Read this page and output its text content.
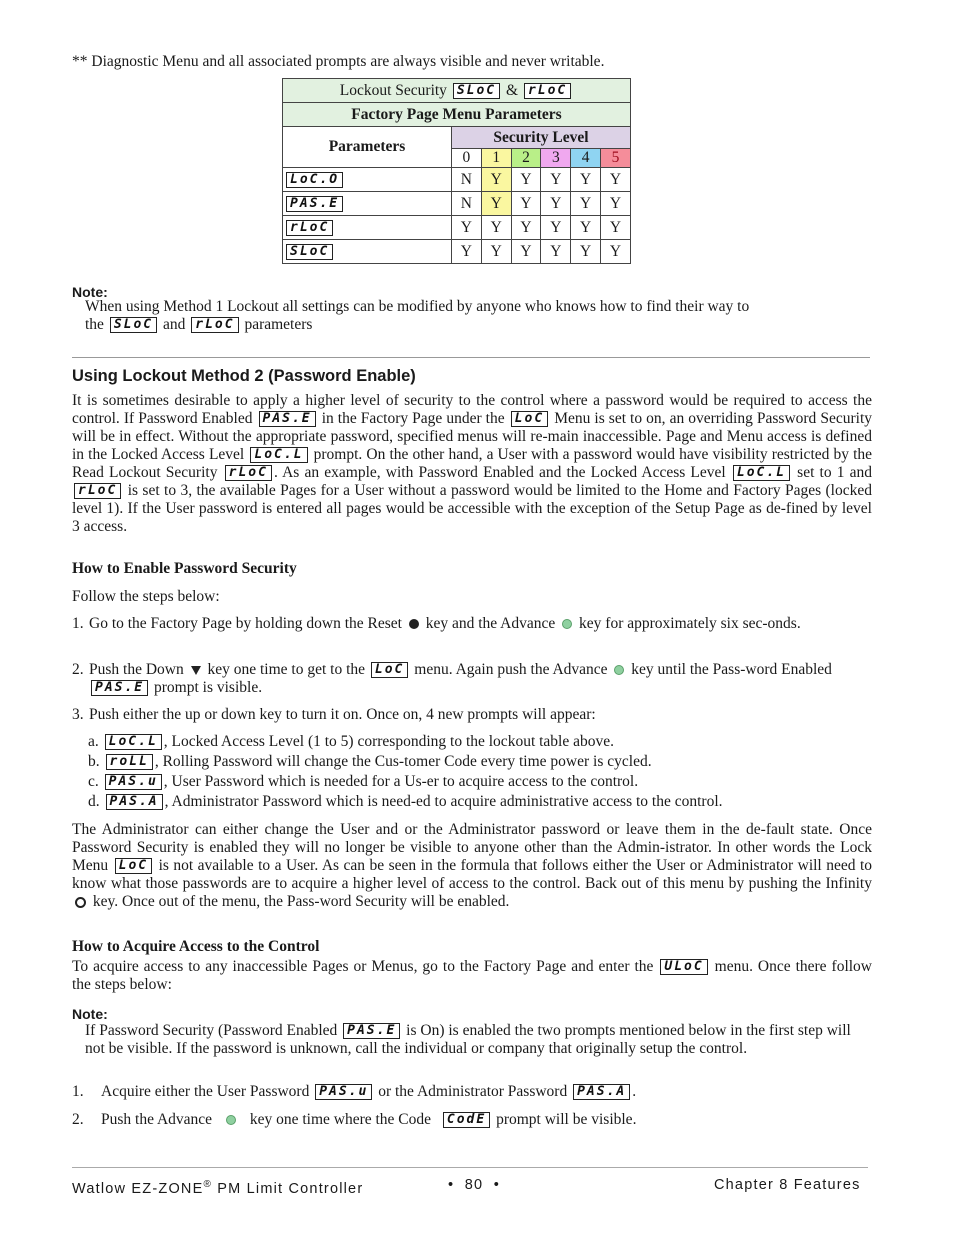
** Diagnostic Menu and all associated prompts are always visible and never writable.
Lockout Security SLoC & rLoC						
Factory Page Menu Parameters						
Parameters	Security Level					
	0	1	2	3	4	5
LoC.O	N	Y	Y	Y	Y	Y
PAS.E	N	Y	Y	Y	Y	Y
rLoC	Y	Y	Y	Y	Y	Y
SLoC	Y	Y	Y	Y	Y	Y
Note:
When using Method 1 Lockout all settings can be modified by anyone who knows how to find their way to
the SLoC and rLoC parameters
Using Lockout Method 2 (Password Enable)
It is sometimes desirable to apply a higher level of security to the control where a password would be required to access the control. If Password Enabled PAS.E in the Factory Page under the LoC Menu is set to on, an overriding Password Security will be in effect. Without the appropriate password, specified menus will re-main inaccessible. Page and Menu access is defined in the Locked Access Level LoC.L prompt. On the other hand, a User with a password would have visibility restricted by the Read Lockout Security rLoC . As an example, with Password Enabled and the Locked Access Level LoC.L set to 1 and rLoC is set to 3, the available Pages for a User without a password would be limited to the Home and Factory Pages (locked level 1). If the User password is entered all pages would be accessible with the exception of the Setup Page as de-fined by level 3 access.
How to Enable Password Security
Follow the steps below:
1. Go to the Factory Page by holding down the Reset key and the Advance key for approximately six sec-onds.
2. Push the Down key one time to get to the LoC menu. Again push the Advance key until the Pass-word Enabled PAS.E prompt is visible.
3. Push either the up or down key to turn it on. Once on, 4 new prompts will appear:
a. LoC.L , Locked Access Level (1 to 5) corresponding to the lockout table above.
b. roLL , Rolling Password will change the Cus-tomer Code every time power is cycled.
c. PAS.u , User Password which is needed for a Us-er to acquire access to the control.
d. PAS.A , Administrator Password which is need-ed to acquire administrative access to the control.
The Administrator can either change the User and or the Administrator password or leave them in the de-fault state. Once Password Security is enabled they will no longer be visible to anyone other than the Admin-istrator. In other words the Lock Menu LoC is not available to a User. As can be seen in the formula that follows either the User or Administrator will need to know what those passwords are to acquire a higher level of access to the control. Back out of this menu by pushing the Infinity  key. Once out of the menu, the Pass-word Security will be enabled.
How to Acquire Access to the Control
To acquire access to any inaccessible Pages or Menus, go to the Factory Page and enter the ULoC menu. Once there follow the steps below:
Note:
If Password Security (Password Enabled PAS.E is On) is enabled the two prompts mentioned below in the first step will not be visible. If the password is unknown, call the individual or company that originally setup the control.
1. Acquire either the User Password PAS.u or the Administrator Password PAS.A .
2. Push the Advance key one time where the Code CodE prompt will be visible.
Watlow EZ-ZONE® PM Limit Controller	•  80  •	Chapter 8 Features
